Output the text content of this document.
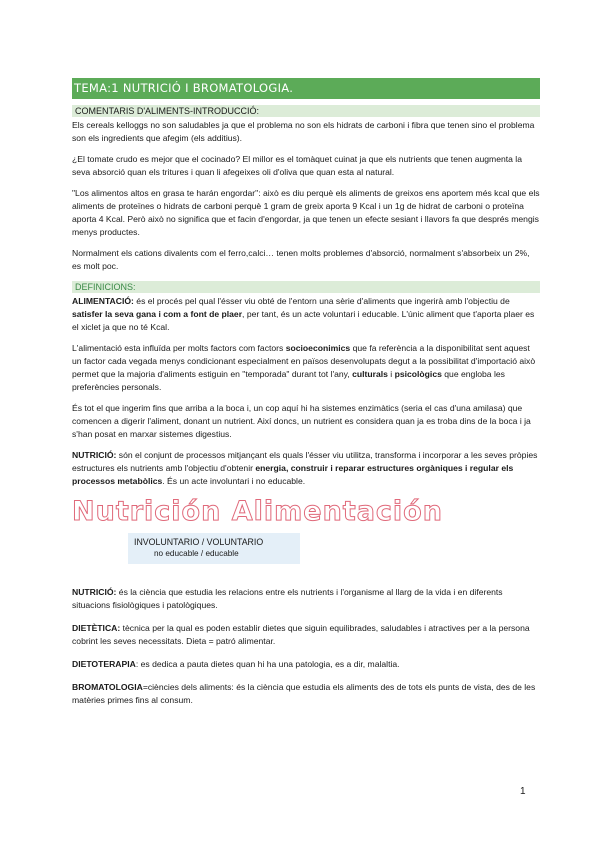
TEMA:1 NUTRICIÓ I BROMATOLOGIA.
COMENTARIS D'ALIMENTS-INTRODUCCIÓ:

Els cereals kelloggs no son saludables ja que el problema no son els hidrats de carboni i fibra que tenen sino el problema son els ingredients que afegim (els additius).

¿El tomate crudo es mejor que el cocinado? El millor es el tomàquet cuinat ja que els nutrients que tenen augmenta la seva absorció quan els tritures i quan li afegeixes oli d'oliva que quan esta al natural.

"Los alimentos altos en grasa te harán engordar": això es diu perquè els aliments de greixos ens aportem més kcal que els aliments de proteïnes o hidrats de carboni perquè 1 gram de greix aporta 9 Kcal i un 1g de hidrat de carboni o proteïna aporta 4 Kcal. Però això no significa que et facin d'engordar, ja que tenen un efecte sesiant i llavors fa que després mengis menys productes.

Normalment els cations divalents com el ferro,calci… tenen molts problemes d'absorció, normalment s'absorbeix un 2%, es molt poc.

DEFINICIONS:

ALIMENTACIÓ: és el procés pel qual l'ésser viu obté de l'entorn una sèrie d'aliments que ingerirà amb l'objectiu de satisfer la seva gana i com a font de plaer, per tant, és un acte voluntari i educable. L'únic aliment que t'aporta plaer es el xiclet ja que no té Kcal.

L'alimentació esta influïda per molts factors com factors socioeconimics que fa referència a la disponibilitat sent aquest un factor cada vegada menys condicionant especialment en països desenvolupats degut a la possibilitat d'importació això permet que la majoria d'aliments estiguin en "temporada" durant tot l'any, culturals i psicològics que engloba les preferències personals.

És tot el que ingerim fins que arriba a la boca i, un cop aquí hi ha sistemes enzimàtics (seria el cas d'una amilasa) que comencen a digerir l'aliment, donant un nutrient. Així doncs, un nutrient es considera quan ja es troba dins de la boca i ja s'han posat en marxar sistemes digestius.

NUTRICIÓ: són el conjunt de processos mitjançant els quals l'ésser viu utilitza, transforma i incorporar a les seves pròpies estructures els nutrients amb l'objectiu d'obtenir energia, construir i reparar estructures orgàniques i regular els processos metabòlics. És un acte involuntari i no educable.

Nutrición Alimentación
INVOLUNTARIO / VOLUNTARIO
no educable / educable

NUTRICIÓ: és la ciència que estudia les relacions entre els nutrients i l'organisme al llarg de la vida i en diferents situacions fisiològiques i patològiques.

DIETÈTICA: tècnica per la qual es poden establir dietes que siguin equilibrades, saludables i atractives per a la persona cobrint les seves necessitats. Dieta = patró alimentar.

DIETOTERAPIA: es dedica a pauta dietes quan hi ha una patologia, es a dir, malaltia.

BROMATOLOGIA=ciències dels aliments: és la ciència que estudia els aliments des de tots els punts de vista, des de les matèries primes fins al consum.

1
